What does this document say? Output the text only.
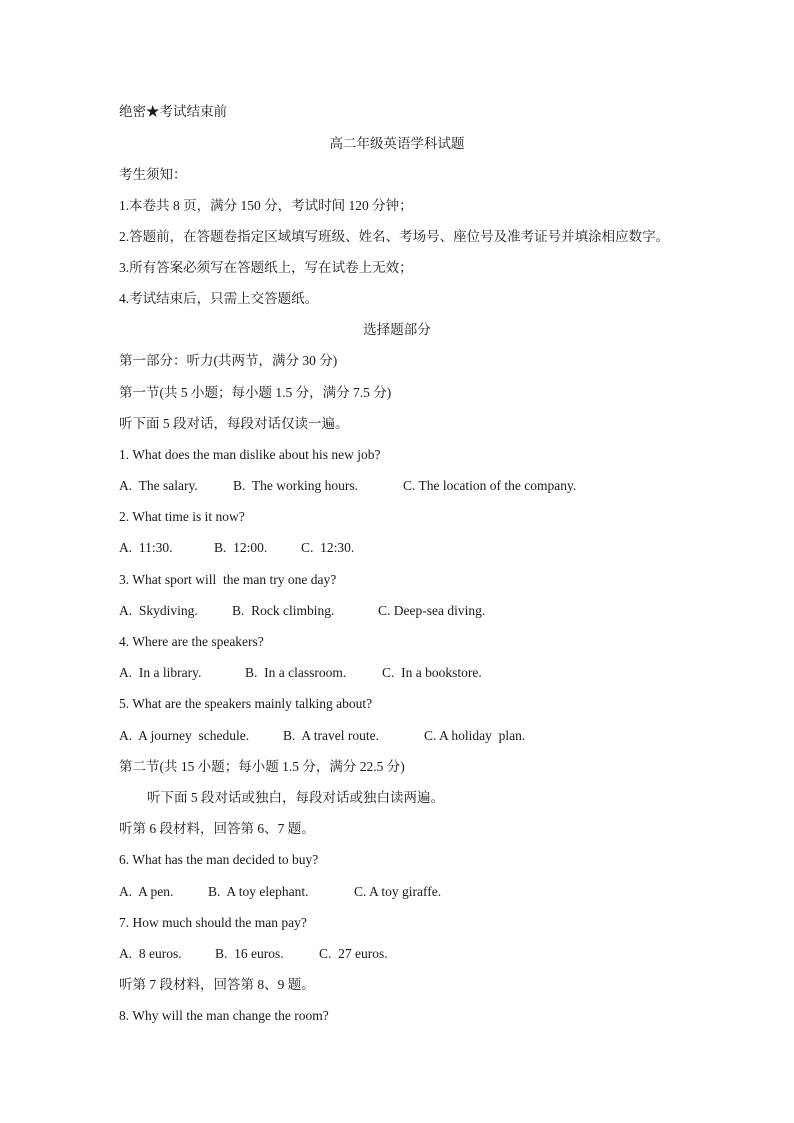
绝密★考试结束前
高二年级英语学科试题
考生须知：
1.本卷共 8 页，满分 150 分，考试时间 120 分钟；
2.答题前，在答题卷指定区域填写班级、姓名、考场号、座位号及准考证号并填涂相应数字。
3.所有答案必须写在答题纸上，写在试卷上无效；
4.考试结束后，只需上交答题纸。
选择题部分
第一部分：听力(共两节，满分 30 分)
第一节(共 5 小题；每小题 1.5 分，满分 7.5 分)
听下面 5 段对话，每段对话仅读一遍。
1. What does the man dislike about his new job?
A.  The salary.	B.  The working hours.	C. The location of the company.
2. What time is it now?
A.  11:30.	B.  12:00. C.  12:30.
3. What sport will  the man try one day?
A.  Skydiving.	B.  Rock climbing.	C. Deep-sea diving.
4. Where are the speakers?
A.  In a library.	B.  In a classroom.	C.  In a bookstore.
5. What are the speakers mainly talking about?
A.  A journey  schedule.	B.  A travel route.	C. A holiday  plan.
第二节(共 15 小题；每小题 1.5 分，满分 22.5 分)
听下面 5 段对话或独白，每段对话或独白读两遍。
听第 6 段材料，回答第 6、7 题。
6. What has the man decided to buy?
A.  A pen.	B.  A toy elephant.	C. A toy giraffe.
7. How much should the man pay?
A.  8 euros. B.  16 euros.	C.  27 euros.
听第 7 段材料，回答第 8、9 题。
8. Why will the man change the room?
